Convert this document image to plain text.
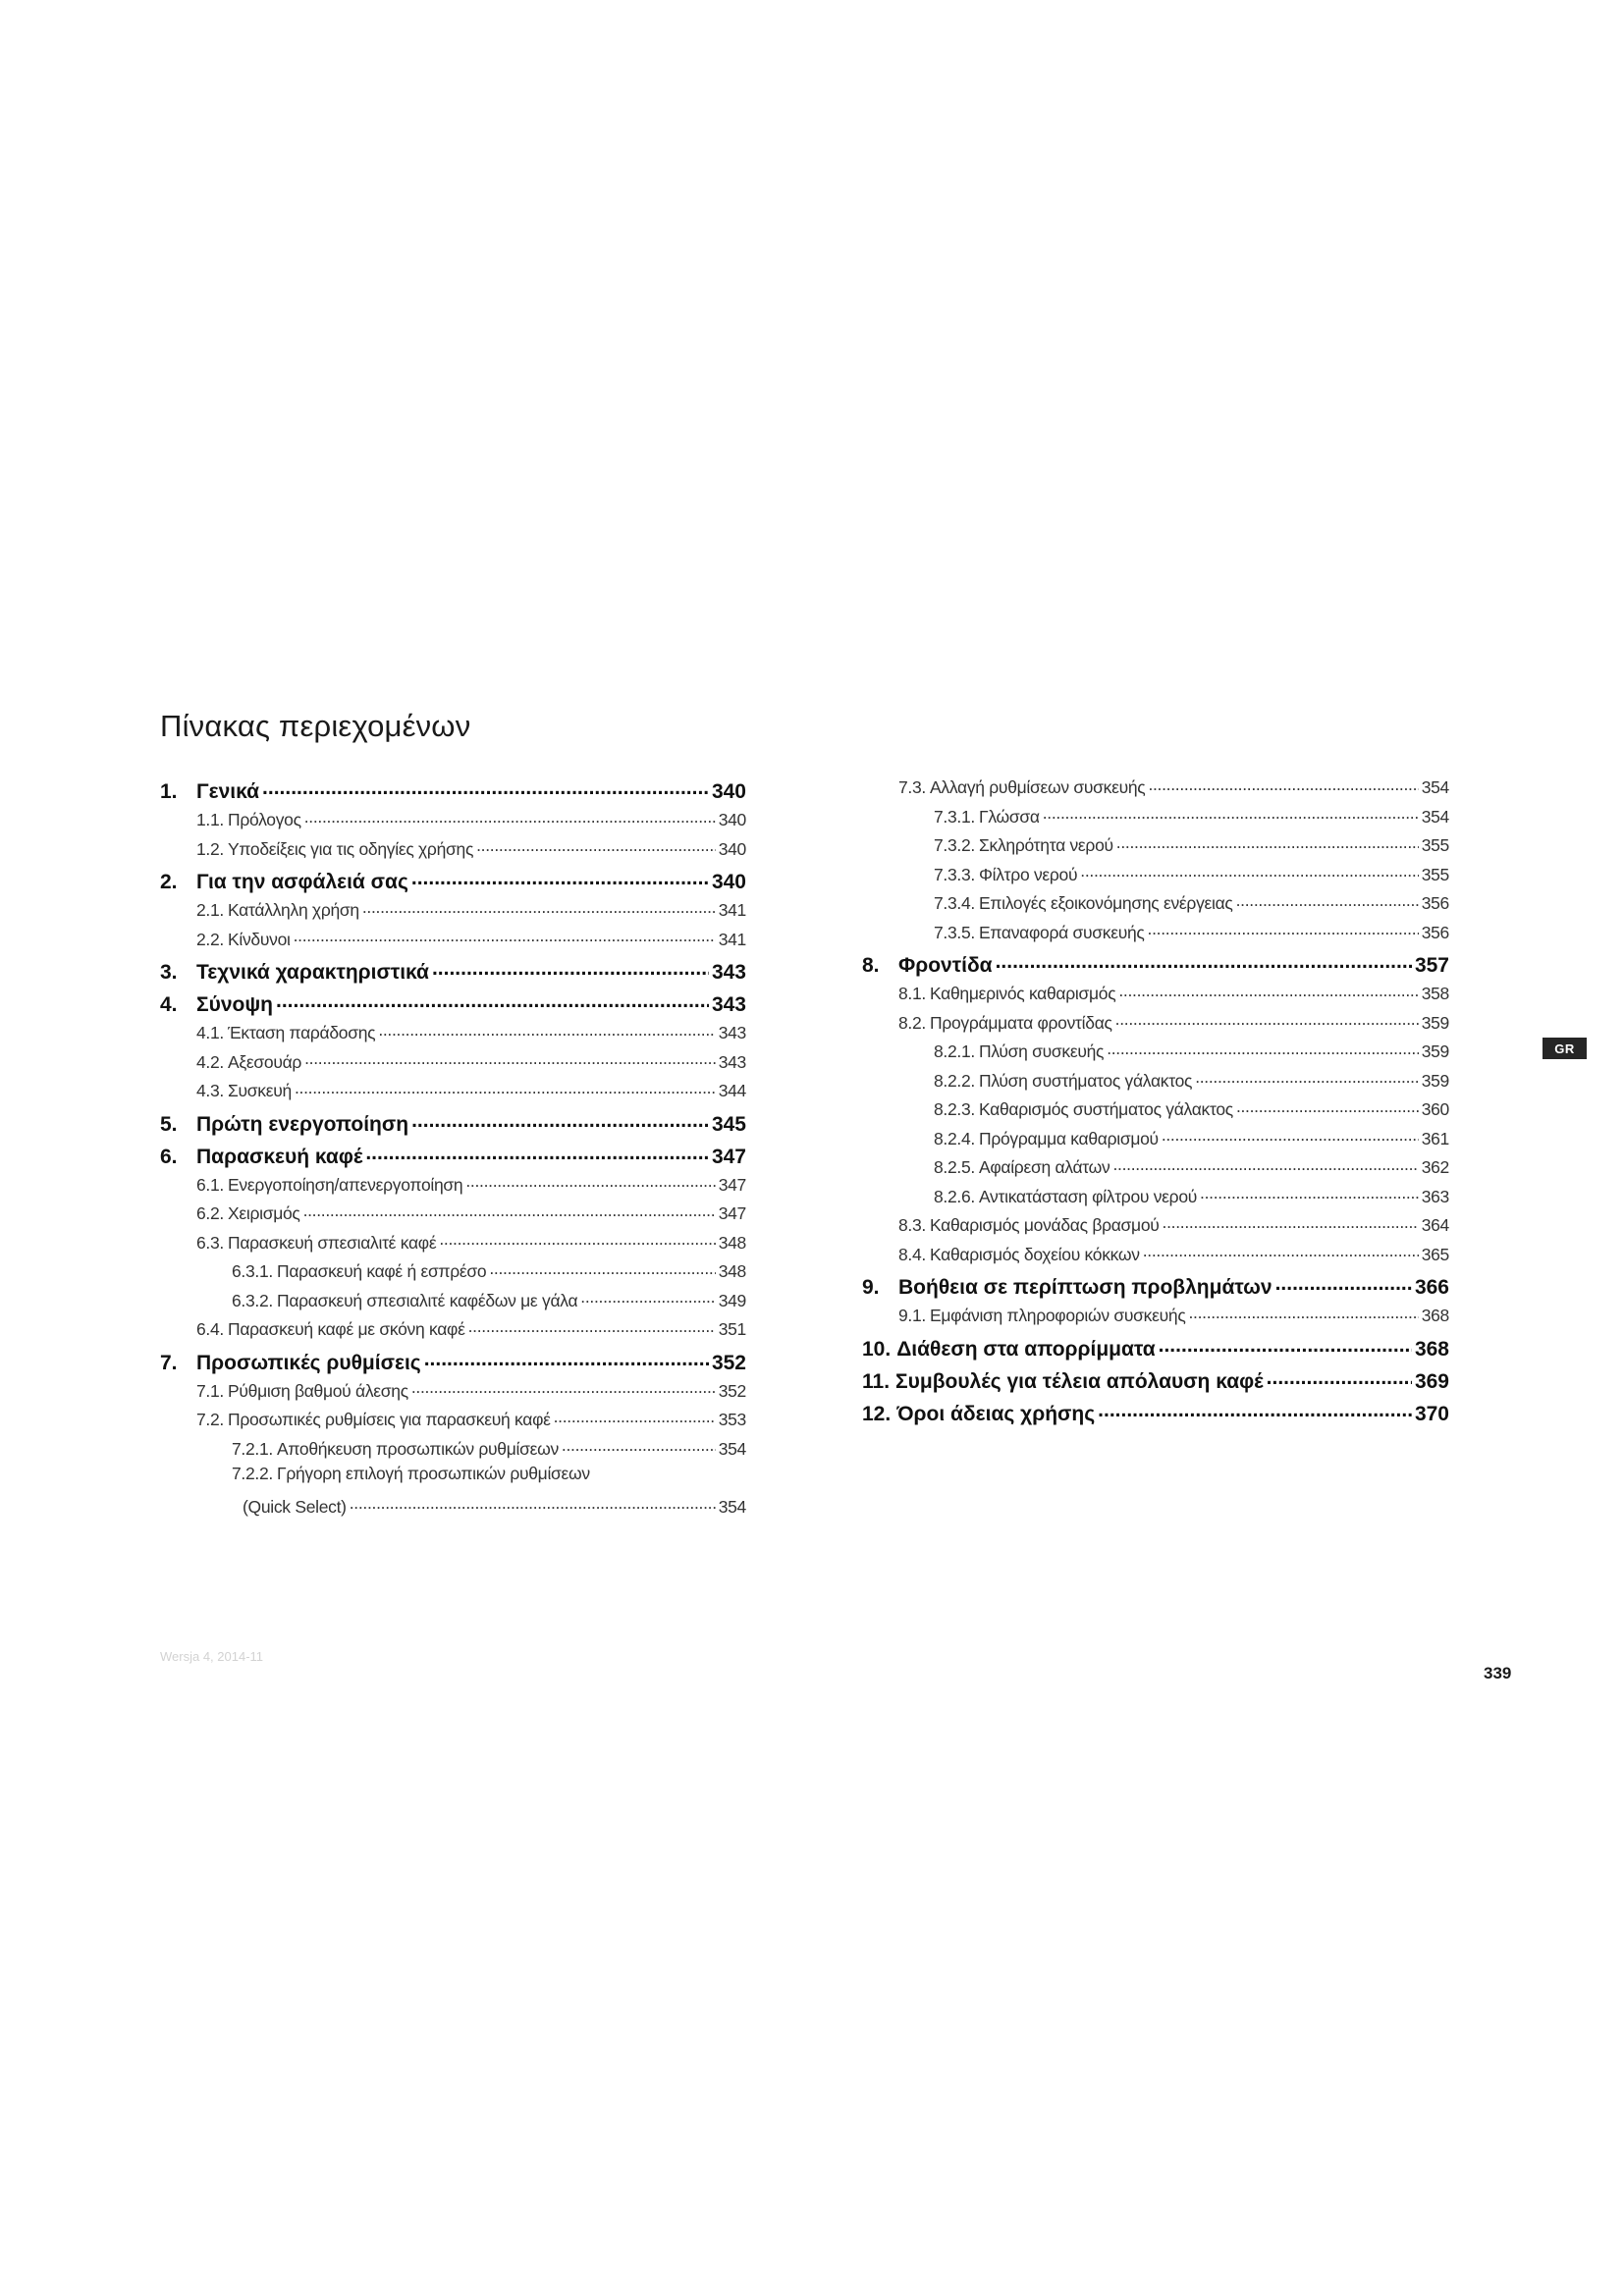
Πίνακας περιεχομένων
1. Γενικά .....	340
1.1. Πρόλογος .....	340
1.2. Υποδείξεις για τις οδηγίες χρήσης .....	340
2. Για την ασφάλειά σας .....	340
2.1. Κατάλληλη χρήση .....	341
2.2. Κίνδυνοι .....	341
3. Τεχνικά χαρακτηριστικά .....	343
4. Σύνοψη .....	343
4.1. Έκταση παράδοσης .....	343
4.2. Αξεσουάρ .....	343
4.3. Συσκευή .....	344
5. Πρώτη ενεργοποίηση .....	345
6. Παρασκευή καφέ .....	347
6.1. Ενεργοποίηση/απενεργοποίηση .....	347
6.2. Χειρισμός .....	347
6.3. Παρασκευή σπεσιαλιτέ καφέ .....	348
6.3.1. Παρασκευή καφέ ή εσπρέσο .....	348
6.3.2. Παρασκευή σπεσιαλιτέ καφέδων με γάλα .....	349
6.4. Παρασκευή καφέ με σκόνη καφέ .....	351
7. Προσωπικές ρυθμίσεις .....	352
7.1. Ρύθμιση βαθμού άλεσης .....	352
7.2. Προσωπικές ρυθμίσεις για παρασκευή καφέ .....	353
7.2.1. Αποθήκευση προσωπικών ρυθμίσεων .....	354
7.2.2. Γρήγορη επιλογή προσωπικών ρυθμίσεων
(Quick Select) .....	354
7.3. Αλλαγή ρυθμίσεων συσκευής .....	354
7.3.1. Γλώσσα .....	354
7.3.2. Σκληρότητα νερού .....	355
7.3.3. Φίλτρο νερού .....	355
7.3.4. Επιλογές εξοικονόμησης ενέργειας .....	356
7.3.5. Επαναφορά συσκευής .....	356
8. Φροντίδα .....	357
8.1. Καθημερινός καθαρισμός .....	358
8.2. Προγράμματα φροντίδας .....	359
8.2.1. Πλύση συσκευής .....	359
8.2.2. Πλύση συστήματος γάλακτος .....	359
8.2.3. Καθαρισμός συστήματος γάλακτος .....	360
8.2.4. Πρόγραμμα καθαρισμού .....	361
8.2.5. Αφαίρεση αλάτων .....	362
8.2.6. Αντικατάσταση φίλτρου νερού .....	363
8.3. Καθαρισμός μονάδας βρασμού .....	364
8.4. Καθαρισμός δοχείου κόκκων .....	365
9. Βοήθεια σε περίπτωση προβλημάτων .....	366
9.1. Εμφάνιση πληροφοριών συσκευής .....	368
10. Διάθεση στα απορρίμματα .....	368
11. Συμβουλές για τέλεια απόλαυση καφέ .....	369
12. Όροι άδειας χρήσης .....	370
GR
Wersja 4, 2014-11
339
